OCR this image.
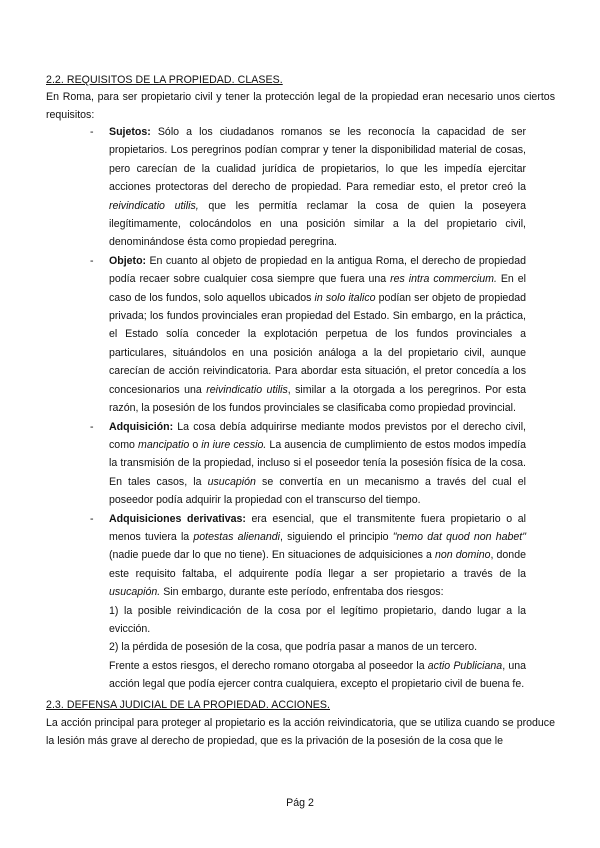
2.2. REQUISITOS DE LA PROPIEDAD. CLASES.
En Roma, para ser propietario civil y tener la protección legal de la propiedad eran necesario unos ciertos requisitos:
- Sujetos: Sólo a los ciudadanos romanos se les reconocía la capacidad de ser propietarios. Los peregrinos podían comprar y tener la disponibilidad material de cosas, pero carecían de la cualidad jurídica de propietarios, lo que les impedía ejercitar acciones protectoras del derecho de propiedad. Para remediar esto, el pretor creó la reivindicatio utilis, que les permitía reclamar la cosa de quien la poseyera ilegítimamente, colocándolos en una posición similar a la del propietario civil, denominándose ésta como propiedad peregrina.
- Objeto: En cuanto al objeto de propiedad en la antigua Roma, el derecho de propiedad podía recaer sobre cualquier cosa siempre que fuera una res intra commercium. En el caso de los fundos, solo aquellos ubicados in solo italico podían ser objeto de propiedad privada; los fundos provinciales eran propiedad del Estado. Sin embargo, en la práctica, el Estado solía conceder la explotación perpetua de los fundos provinciales a particulares, situándolos en una posición análoga a la del propietario civil, aunque carecían de acción reivindicatoria. Para abordar esta situación, el pretor concedía a los concesionarios una reivindicatio utilis, similar a la otorgada a los peregrinos. Por esta razón, la posesión de los fundos provinciales se clasificaba como propiedad provincial.
- Adquisición: La cosa debía adquirirse mediante modos previstos por el derecho civil, como mancipatio o in iure cessio. La ausencia de cumplimiento de estos modos impedía la transmisión de la propiedad, incluso si el poseedor tenía la posesión física de la cosa. En tales casos, la usucapión se convertía en un mecanismo a través del cual el poseedor podía adquirir la propiedad con el transcurso del tiempo.
- Adquisiciones derivativas: era esencial, que el transmitente fuera propietario o al menos tuviera la potestas alienandi, siguiendo el principio "nemo dat quod non habet" (nadie puede dar lo que no tiene). En situaciones de adquisiciones a non domino, donde este requisito faltaba, el adquirente podía llegar a ser propietario a través de la usucapión. Sin embargo, durante este período, enfrentaba dos riesgos:

1) la posible reivindicación de la cosa por el legítimo propietario, dando lugar a la evicción.

2) la pérdida de posesión de la cosa, que podría pasar a manos de un tercero.

Frente a estos riesgos, el derecho romano otorgaba al poseedor la actio Publiciana, una acción legal que podía ejercer contra cualquiera, excepto el propietario civil de buena fe.

2.3. DEFENSA JUDICIAL DE LA PROPIEDAD. ACCIONES.
La acción principal para proteger al propietario es la acción reivindicatoria, que se utiliza cuando se produce la lesión más grave al derecho de propiedad, que es la privación de la posesión de la cosa que le
Pág 2
